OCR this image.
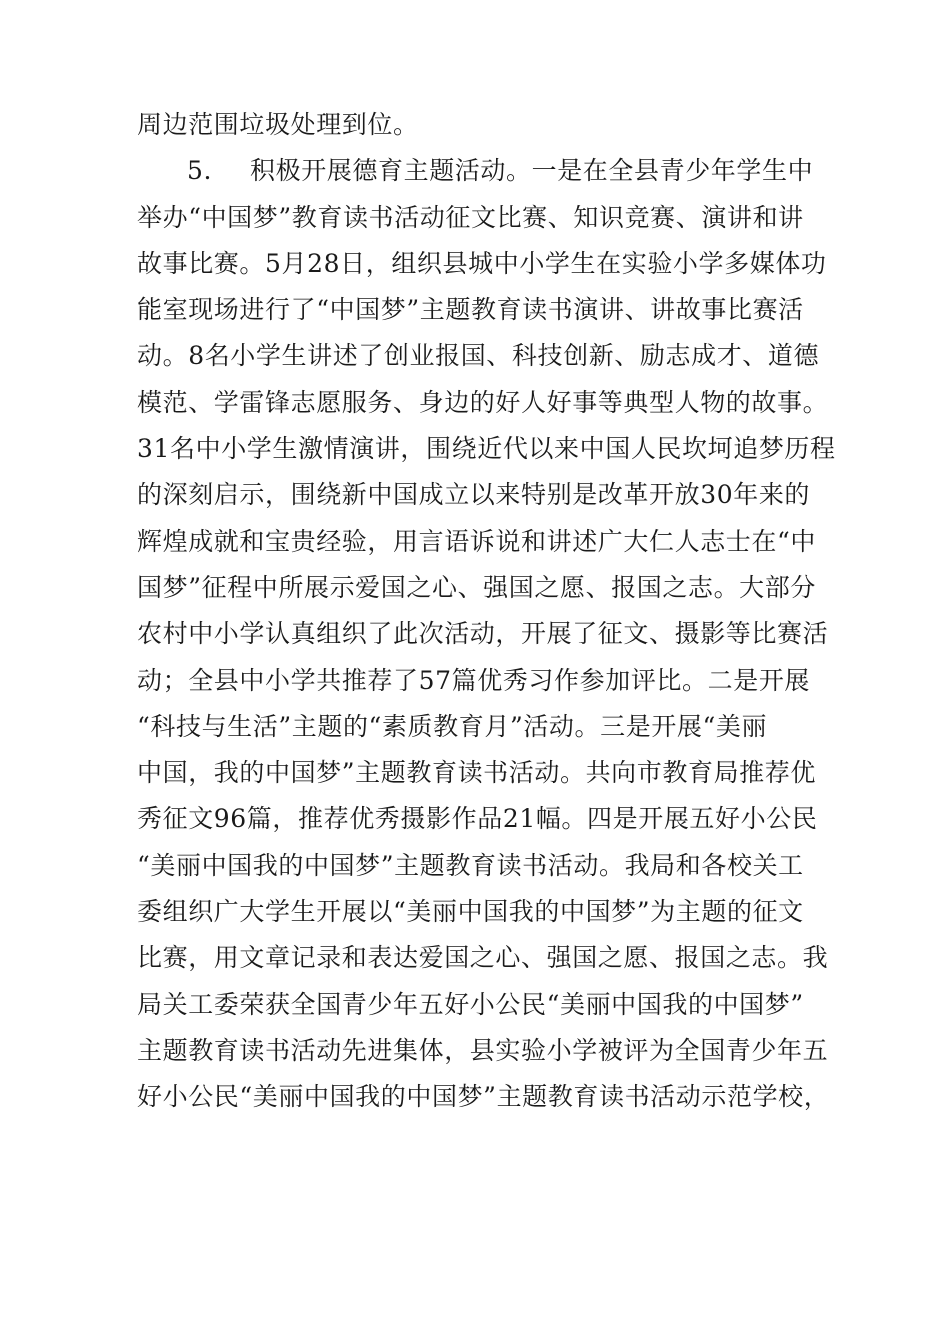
周边范围垃圾处理到位。
5. 积极开展德育主题活动。一是在全县青少年学生中
举办“中国梦”教育读书活动征文比赛、知识竞赛、演讲和讲
故事比赛。5月28日，组织县城中小学生在实验小学多媒体功
能室现场进行了“中国梦”主题教育读书演讲、讲故事比赛活
动。8名小学生讲述了创业报国、科技创新、励志成才、道德
模范、学雷锋志愿服务、身边的好人好事等典型人物的故事。
31名中小学生激情演讲，围绕近代以来中国人民坎坷追梦历程
的深刻启示，围绕新中国成立以来特别是改革开放30年来的
辉煌成就和宝贵经验，用言语诉说和讲述广大仁人志士在“中
国梦”征程中所展示爱国之心、强国之愿、报国之志。大部分
农村中小学认真组织了此次活动，开展了征文、摄影等比赛活
动；全县中小学共推荐了57篇优秀习作参加评比。二是开展
“科技与生活”主题的“素质教育月”活动。三是开展“美丽
中国，我的中国梦”主题教育读书活动。共向市教育局推荐优
秀征文96篇，推荐优秀摄影作品21幅。四是开展五好小公民
“美丽中国我的中国梦”主题教育读书活动。我局和各校关工
委组织广大学生开展以“美丽中国我的中国梦”为主题的征文
比赛，用文章记录和表达爱国之心、强国之愿、报国之志。我
局关工委荣获全国青少年五好小公民“美丽中国我的中国梦”
主题教育读书活动先进集体，县实验小学被评为全国青少年五
好小公民“美丽中国我的中国梦”主题教育读书活动示范学校，
